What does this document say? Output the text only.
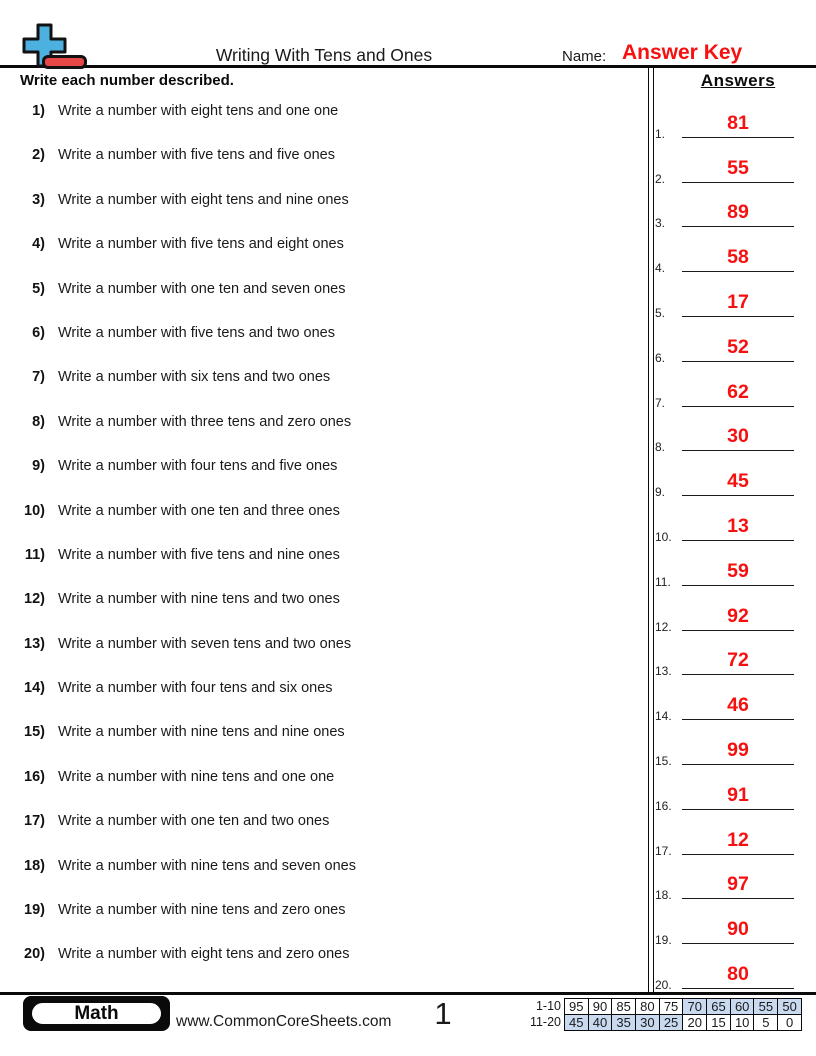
Writing With Tens and Ones	Name: Answer Key
Write each number described.
1) Write a number with eight tens and one one
2) Write a number with five tens and five ones
3) Write a number with eight tens and nine ones
4) Write a number with five tens and eight ones
5) Write a number with one ten and seven ones
6) Write a number with five tens and two ones
7) Write a number with six tens and two ones
8) Write a number with three tens and zero ones
9) Write a number with four tens and five ones
10) Write a number with one ten and three ones
11) Write a number with five tens and nine ones
12) Write a number with nine tens and two ones
13) Write a number with seven tens and two ones
14) Write a number with four tens and six ones
15) Write a number with nine tens and nine ones
16) Write a number with nine tens and one one
17) Write a number with one ten and two ones
18) Write a number with nine tens and seven ones
19) Write a number with nine tens and zero ones
20) Write a number with eight tens and zero ones
Answers
1.	81
2.	55
3.	89
4.	58
5.	17
6.	52
7.	62
8.	30
9.	45
10.	13
11.	59
12.	92
13.	72
14.	46
15.	99
16.	91
17.	12
18.	97
19.	90
20.	80
Math	www.CommonCoreSheets.com 1	1-10 95 90 85 80 75 70 65 60 55 50
11-20 45 40 35 30 25 20 15 10 5	0
